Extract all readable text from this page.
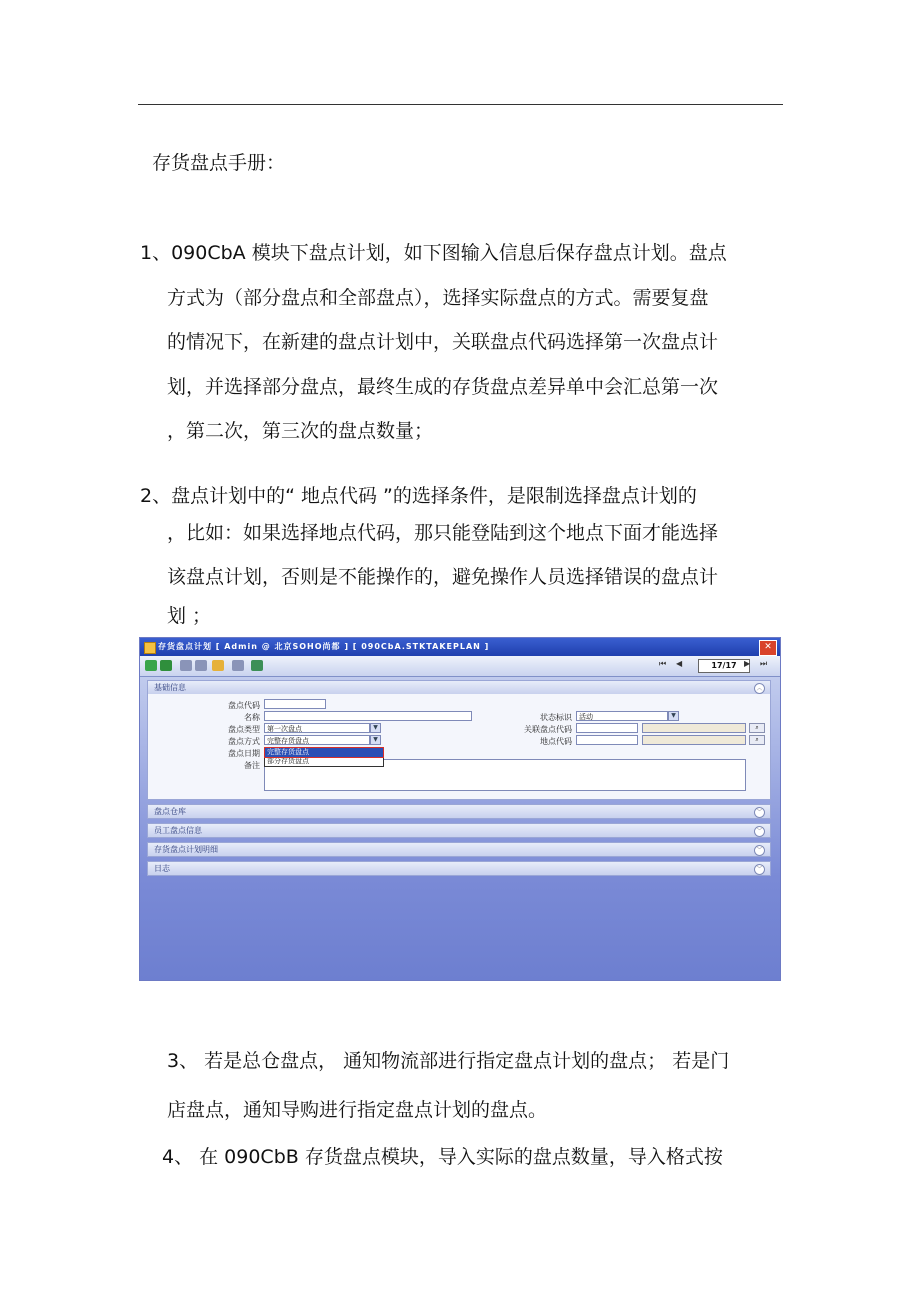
存货盘点手册：
1、090CbA 模块下盘点计划，如下图输入信息后保存盘点计划。盘点
方式为（部分盘点和全部盘点），选择实际盘点的方式。需要复盘
的情况下，在新建的盘点计划中，关联盘点代码选择第一次盘点计
划，并选择部分盘点，最终生成的存货盘点差异单中会汇总第一次
，第二次，第三次的盘点数量；
2、盘点计划中的“ 地点代码 ”的选择条件，是限制选择盘点计划的
，比如：如果选择地点代码，那只能登陆到这个地点下面才能选择
该盘点计划，否则是不能操作的，避免操作人员选择错误的盘点计
划 ；
存货盘点计划 [ Admin @ 北京SOHO尚都 ] [ 090CbA.STKTAKEPLAN ]	✕
⏮ ◀	17/17 ▶ ⏭
基础信息	︿
盘点代码
名称	状态标识	活动	▼
盘点类型	第一次盘点	▼	关联盘点代码	⌕
盘点方式	完整存货盘点	▼	地点代码	⌕
盘点日期
备注
完整存货盘点
部分存货盘点
盘点仓库	﹀
员工盘点信息	﹀
存货盘点计划明细	﹀
日志	﹀
3、 若是总仓盘点， 通知物流部进行指定盘点计划的盘点； 若是门
店盘点，通知导购进行指定盘点计划的盘点。
4、 在 090CbB 存货盘点模块，导入实际的盘点数量，导入格式按
